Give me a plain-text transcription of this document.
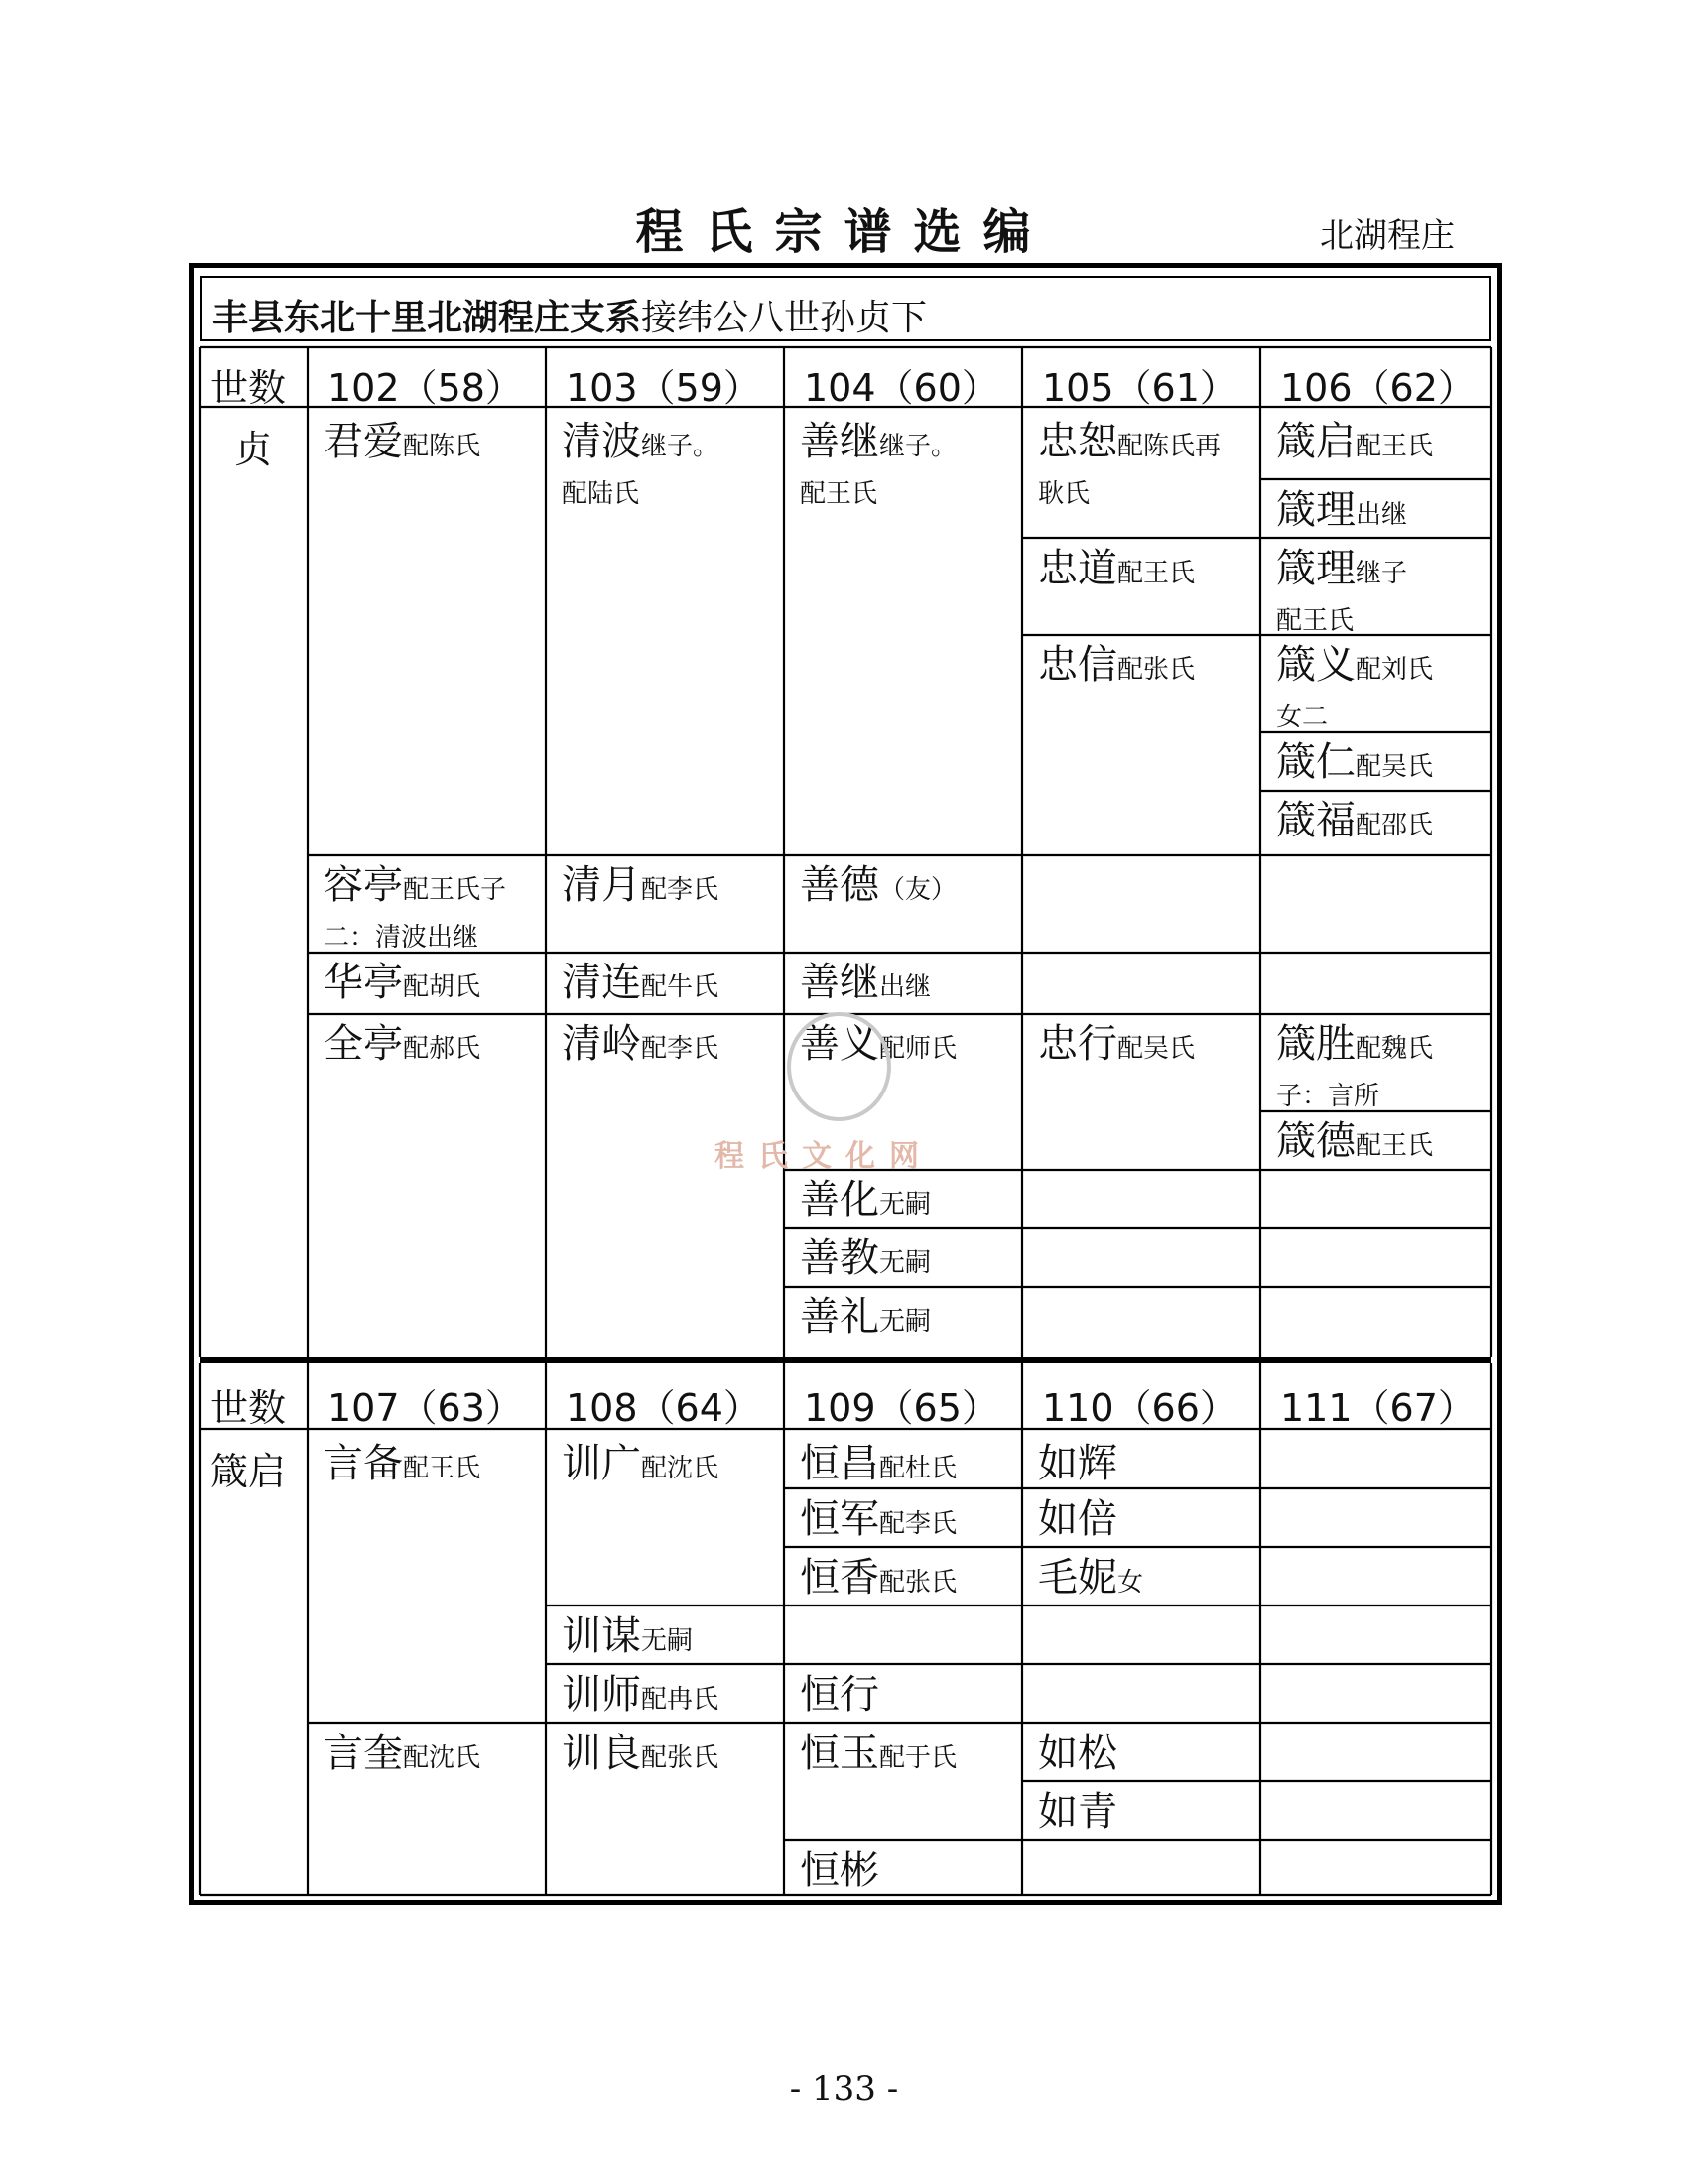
程氏宗谱选编	北湖程庄
丰县东北十里北湖程庄支系接纬公八世孙贞下
世数 102（58） 103（59） 104（60） 105（61） 106（62）
贞 君爱配陈氏 清波继子。
配陆氏
善继继子。
配王氏
忠恕配陈氏再
耿氏
箴启配王氏
箴理出继
忠道配王氏 箴理继子
配王氏
忠信配张氏 箴义配刘氏
女二
箴仁配吴氏
箴福配邵氏
容亭配王氏子
二：清波出继
清月配李氏 善德（友）
华亭配胡氏 清连配牛氏 善继出继
全亭配郝氏 清岭配李氏 善义配师氏 忠行配吴氏 箴胜配魏氏
子：言所
箴德配王氏
善化无嗣
善教无嗣
善礼无嗣
世数 107（63） 108（64） 109（65） 110（66） 111（67）
箴启 言备配王氏 训广配沈氏 恒昌配杜氏 如辉
恒军配李氏 如倍
恒香配张氏 毛妮女
训谋无嗣
训师配冉氏 恒行
言奎配沈氏 训良配张氏 恒玉配于氏 如松
如青
恒彬
程氏文化网
- 133 -
